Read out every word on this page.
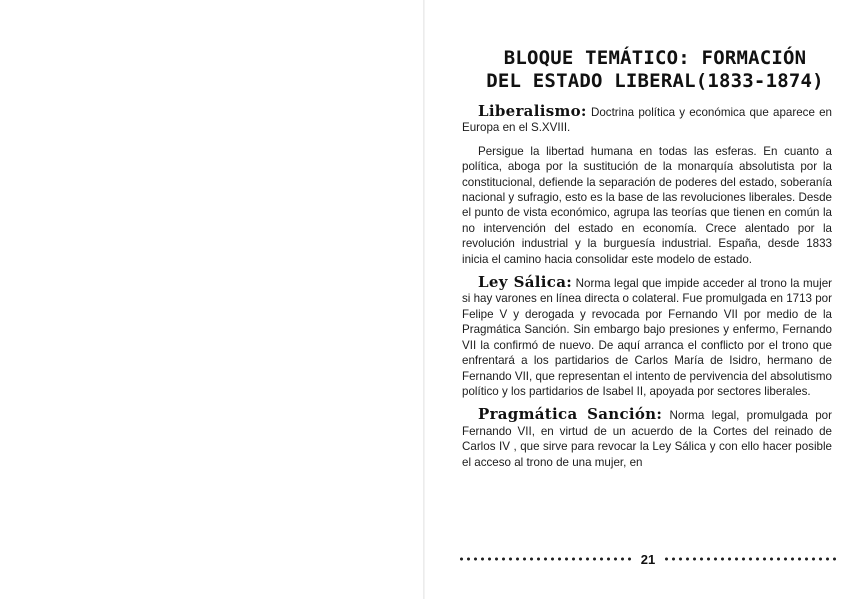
BLOQUE TEMÁTICO: FORMACIÓN
DEL ESTADO LIBERAL(1833-1874)

Liberalismo: Doctrina política y económica que aparece en Europa en el S.XVIII.

Persigue la libertad humana en todas las esferas. En cuanto a política, aboga por la sustitución de la monarquía absolutista por la constitucional, defiende la separación de poderes del estado, soberanía nacional y sufragio, esto es la base de las revoluciones liberales. Desde el punto de vista económico, agrupa las teorías que tienen en común la no intervención del estado en economía. Crece alentado por la revolución industrial y la burguesía industrial. España, desde 1833 inicia el camino hacia consolidar este modelo de estado.

Ley Sálica: Norma legal que impide acceder al trono la mujer si hay varones en línea directa o colateral. Fue promulgada en 1713 por Felipe V y derogada y revocada por Fernando VII por medio de la Pragmática Sanción. Sin embargo bajo presiones y enfermo, Fernando VII la confirmó de nuevo. De aquí arranca el conflicto por el trono que enfrentará a los partidarios de Carlos María de Isidro, hermano de Fernando VII, que representan el intento de pervivencia del absolutismo político y los partidarios de Isabel II, apoyada por sectores liberales.

Pragmática Sanción: Norma legal, promulgada por Fernando VII, en virtud de un acuerdo de la Cortes del reinado de Carlos IV , que sirve para revocar la Ley Sálica y con ello hacer posible el acceso al trono de una mujer, en

21
